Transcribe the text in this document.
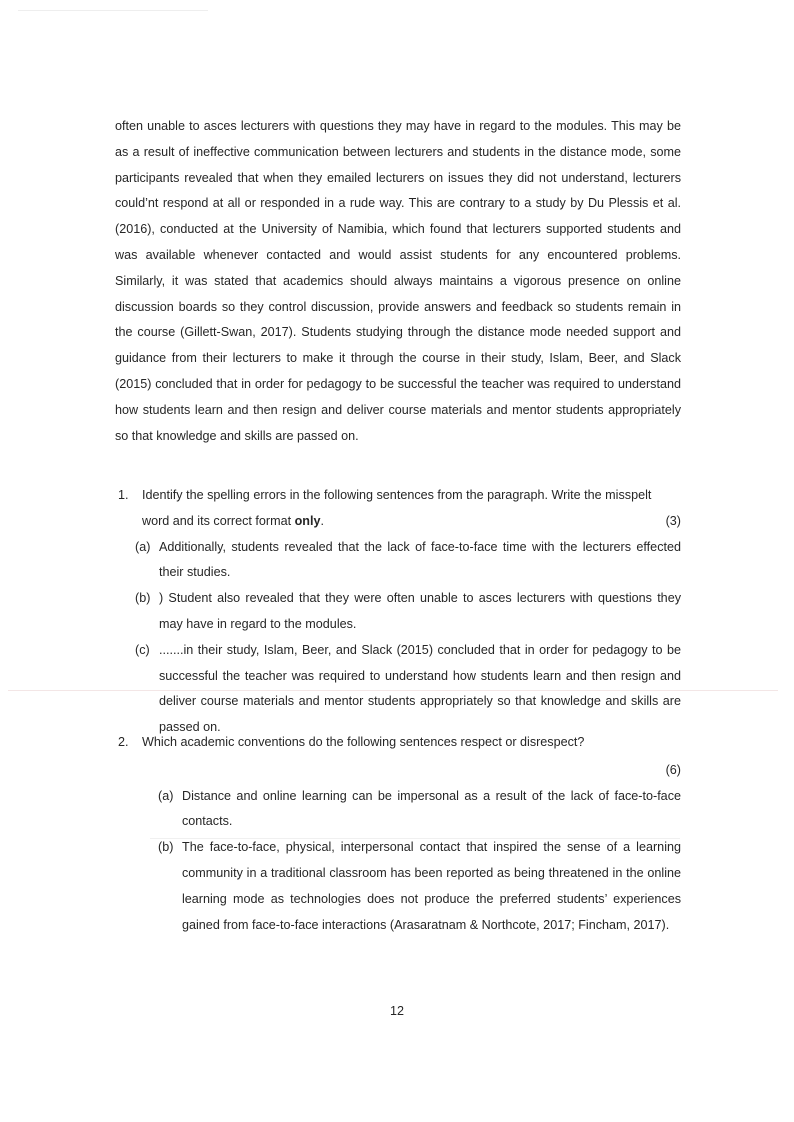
often unable to asces lecturers with questions they may have in regard to the modules. This may be as a result of ineffective communication between lecturers and students in the distance mode, some participants revealed that when they emailed lecturers on issues they did not understand, lecturers could’nt respond at all or responded in a rude way. This are contrary to a study by Du Plessis et al. (2016), conducted at the University of Namibia, which found that lecturers supported students and was available whenever contacted and would assist students for any encountered problems. Similarly, it was stated that academics should always maintains a vigorous presence on online discussion boards so they control discussion, provide answers and feedback so students remain in the course (Gillett-Swan, 2017). Students studying through the distance mode needed support and guidance from their lecturers to make it through the course in their study, Islam, Beer, and Slack (2015) concluded that in order for pedagogy to be successful the teacher was required to understand how students learn and then resign and deliver course materials and mentor students appropriately so that knowledge and skills are passed on.

1.	Identify the spelling errors in the following sentences from the paragraph. Write the misspelt
word and its correct format only.	(3)
(a) Additionally, students revealed that the lack of face-to-face time with the lecturers effected their studies.
(b) ) Student also revealed that they were often unable to asces lecturers with questions they may have in regard to the modules.
(c) .......in their study, Islam, Beer, and Slack (2015) concluded that in order for pedagogy to be successful the teacher was required to understand how students learn and then resign and deliver course materials and mentor students appropriately so that knowledge and skills are passed on.
2.	Which academic conventions do the following sentences respect or disrespect?
(6)
(a) Distance and online learning can be impersonal as a result of the lack of face-to-face contacts.
(b) The face-to-face, physical, interpersonal contact that inspired the sense of a learning community in a traditional classroom has been reported as being threatened in the online learning mode as technologies does not produce the preferred students’ experiences gained from face-to-face interactions (Arasaratnam & Northcote, 2017; Fincham, 2017).
12
